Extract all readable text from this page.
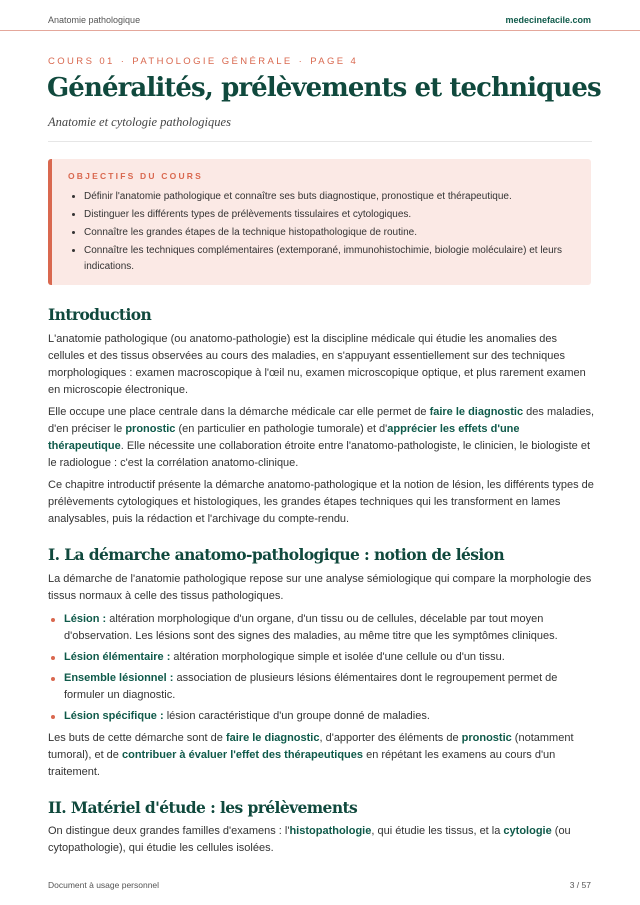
Anatomie pathologique	medecinefacile.com
COURS 01 · PATHOLOGIE GÉNÉRALE · PAGE 4
Généralités, prélèvements et techniques
Anatomie et cytologie pathologiques
OBJECTIFS DU COURS
• Définir l'anatomie pathologique et connaître ses buts diagnostique, pronostique et thérapeutique.
• Distinguer les différents types de prélèvements tissulaires et cytologiques.
• Connaître les grandes étapes de la technique histopathologique de routine.
• Connaître les techniques complémentaires (extemporané, immunohistochimie, biologie moléculaire) et leurs indications.
Introduction

L'anatomie pathologique (ou anatomo-pathologie) est la discipline médicale qui étudie les anomalies des cellules et des tissus observées au cours des maladies, en s'appuyant essentiellement sur des techniques morphologiques : examen macroscopique à l'œil nu, examen microscopique optique, et plus rarement examen en microscopie électronique.

Elle occupe une place centrale dans la démarche médicale car elle permet de faire le diagnostic des maladies, d'en préciser le pronostic (en particulier en pathologie tumorale) et d'apprécier les effets d'une thérapeutique. Elle nécessite une collaboration étroite entre l'anatomo-pathologiste, le clinicien, le biologiste et le radiologue : c'est la corrélation anatomo-clinique.

Ce chapitre introductif présente la démarche anatomo-pathologique et la notion de lésion, les différents types de prélèvements cytologiques et histologiques, les grandes étapes techniques qui les transforment en lames analysables, puis la rédaction et l'archivage du compte-rendu.

I. La démarche anatomo-pathologique : notion de lésion

La démarche de l'anatomie pathologique repose sur une analyse sémiologique qui compare la morphologie des tissus normaux à celle des tissus pathologiques.

Lésion : altération morphologique d'un organe, d'un tissu ou de cellules, décelable par tout moyen d'observation. Les lésions sont des signes des maladies, au même titre que les symptômes cliniques.
Lésion élémentaire : altération morphologique simple et isolée d'une cellule ou d'un tissu.
Ensemble lésionnel : association de plusieurs lésions élémentaires dont le regroupement permet de formuler un diagnostic.
Lésion spécifique : lésion caractéristique d'un groupe donné de maladies.

Les buts de cette démarche sont de faire le diagnostic, d'apporter des éléments de pronostic (notamment tumoral), et de contribuer à évaluer l'effet des thérapeutiques en répétant les examens au cours d'un traitement.

II. Matériel d'étude : les prélèvements

On distingue deux grandes familles d'examens : l'histopathologie, qui étudie les tissus, et la cytologie (ou cytopathologie), qui étudie les cellules isolées.

Document à usage personnel	3 / 57
